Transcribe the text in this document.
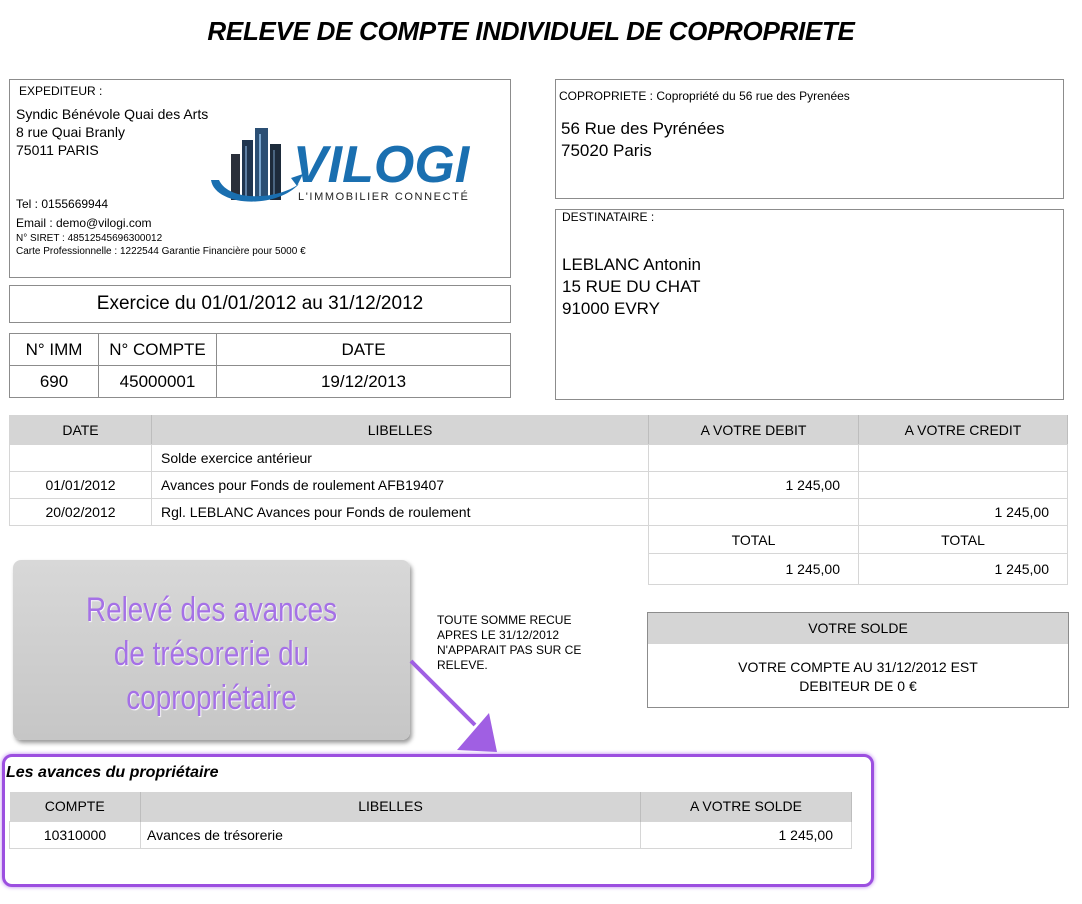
RELEVE DE COMPTE INDIVIDUEL DE COPROPRIETE
EXPEDITEUR :
Syndic Bénévole Quai des Arts
8 rue Quai Branly
75011 PARIS
Tel : 0155669944
Email : demo@vilogi.com
N° SIRET : 48512545696300012
Carte Professionnelle : 1222544 Garantie Financière pour 5000 €
VILOGI
L'IMMOBILIER CONNECTÉ
COPROPRIETE : Copropriété du 56 rue des Pyrenées
56 Rue des Pyrénées
75020 Paris
DESTINATAIRE :
LEBLANC Antonin
15 RUE DU CHAT
91000 EVRY
Exercice du 01/01/2012 au 31/12/2012
N° IMM	N° COMPTE	DATE
690	45000001	19/12/2013
DATE	LIBELLES	A VOTRE DEBIT	A VOTRE CREDIT
	Solde exercice antérieur		
01/01/2012	Avances pour Fonds de roulement AFB19407	1 245,00	
20/02/2012	Rgl. LEBLANC Avances pour Fonds de roulement		1 245,00
		TOTAL	TOTAL
		1 245,00	1 245,00
Relevé des avances
de trésorerie du
copropriétaire
TOUTE SOMME RECUE
APRES LE 31/12/2012
N'APPARAIT PAS SUR CE
RELEVE.
VOTRE SOLDE
VOTRE COMPTE AU 31/12/2012 EST
DEBITEUR DE 0 €
Les avances du propriétaire
COMPTE	LIBELLES	A VOTRE SOLDE
10310000	Avances de trésorerie	1 245,00
